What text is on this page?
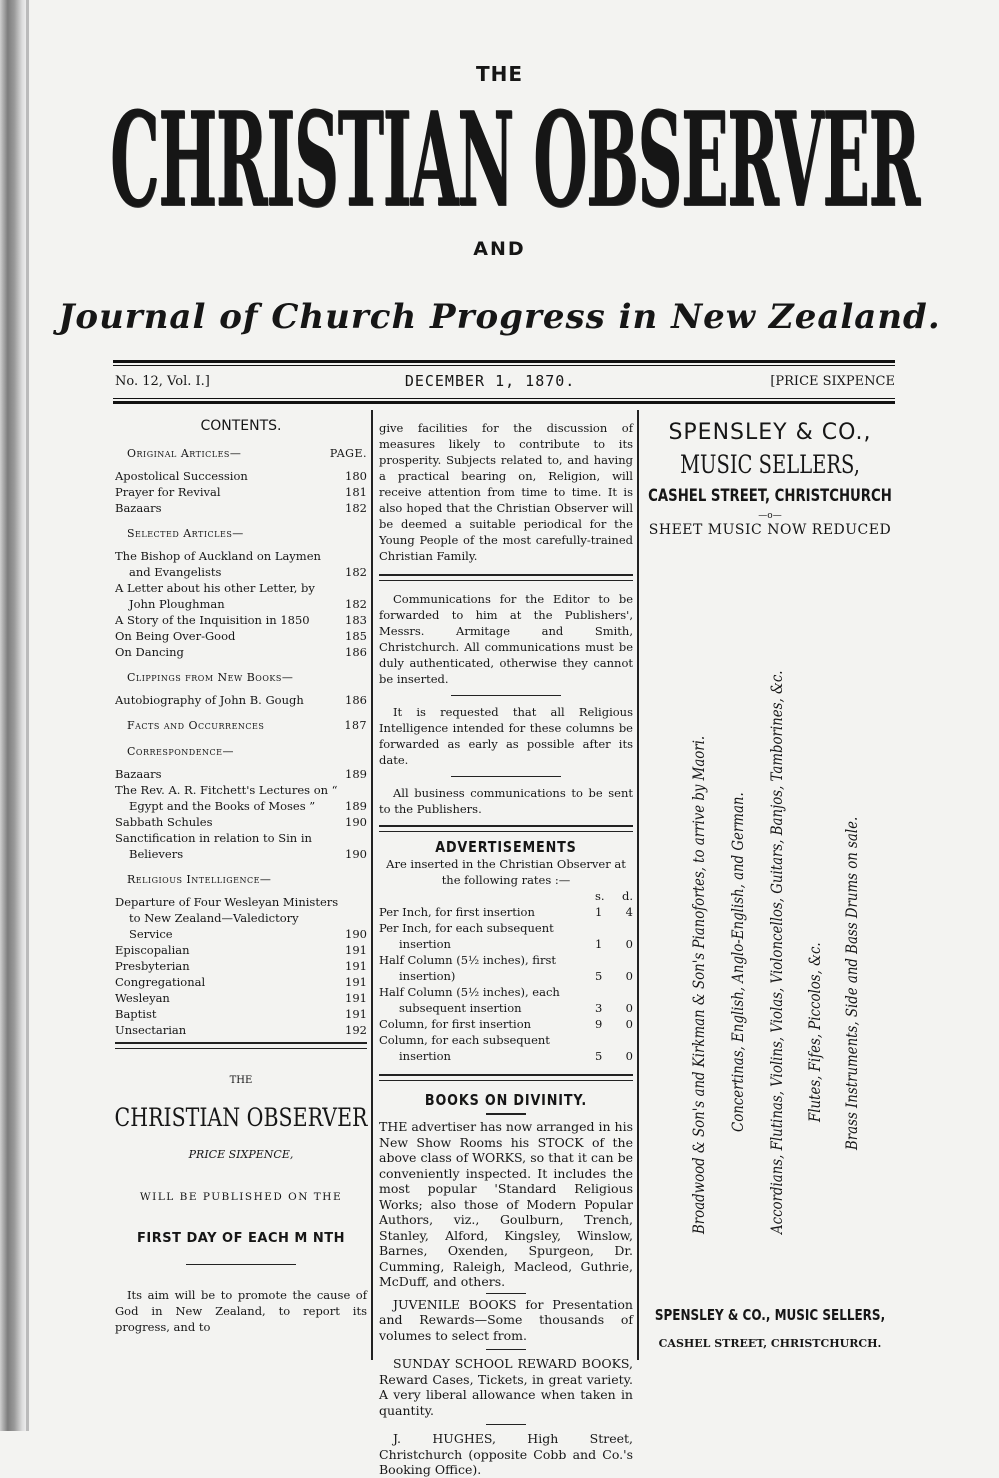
THE
CHRISTIAN OBSERVER
AND
Journal of Church Progress in New Zealand.
No. 12, Vol. I.]	DECEMBER 1, 1870.	[PRICE SIXPENCE
CONTENTS.
Original Articles—	PAGE.
Apostolical Succession	180
Prayer for Revival	181
Bazaars	182
Selected Articles—
The Bishop of Auckland on Laymen and Evangelists	182
A Letter about his other Letter, by John Ploughman	182
A Story of the Inquisition in 1850	183
On Being Over-Good	185
On Dancing	186
Clippings from New Books—
Autobiography of John B. Gough	186
Facts and Occurrences	187
Correspondence—
Bazaars	189
The Rev. A. R. Fitchett's Lectures on “ Egypt and the Books of Moses ”	189
Sabbath Schules	190
Sanctification in relation to Sin in Believers	190
Religious Intelligence—
Departure of Four Wesleyan Ministers to New Zealand—Valedictory Service	190
Episcopalian	191
Presbyterian	191
Congregational	191
Wesleyan	191
Baptist	191
Unsectarian	192
THE
CHRISTIAN OBSERVER
PRICE SIXPENCE,
WILL BE PUBLISHED ON THE
FIRST DAY OF EACH M NTH
Its aim will be to promote the cause of God in New Zealand, to report its progress, and to
give facilities for the discussion of measures likely to contribute to its prosperity. Subjects related to, and having a practical bearing on, Religion, will receive attention from time to time. It is also hoped that the Christian Observer will be deemed a suitable periodical for the Young People of the most carefully-trained Christian Family.
Communications for the Editor to be forwarded to him at the Publishers', Messrs. Armitage and Smith, Christchurch. All communications must be duly authenticated, otherwise they cannot be inserted.
It is requested that all Religious Intelligence intended for these columns be forwarded as early as possible after its date.
All business communications to be sent to the Publishers.
ADVERTISEMENTS
Are inserted in the Christian Observer at the following rates :—
s. d.
Per Inch, for first insertion	1 4
Per Inch, for each subsequent insertion	1 0
Half Column (5½ inches), first insertion)	5 0
Half Column (5½ inches), each subsequent insertion	3 0
Column, for first insertion	9 0
Column, for each subsequent insertion	5 0
BOOKS ON DIVINITY.
THE advertiser has now arranged in his New Show Rooms his STOCK of the above class of WORKS, so that it can be conveniently inspected. It includes the most popular 'Standard Religious Works; also those of Modern Popular Authors, viz., Goulburn, Trench, Stanley, Alford, Kingsley, Winslow, Barnes, Oxenden, Spurgeon, Dr. Cumming, Raleigh, Macleod, Guthrie, McDuff, and others.
JUVENILE BOOKS for Presentation and Rewards—Some thousands of volumes to select from.
SUNDAY SCHOOL REWARD BOOKS, Reward Cases, Tickets, in great variety. A very liberal allowance when taken in quantity.
J. HUGHES, High Street, Christchurch (opposite Cobb and Co.'s Booking Office).
SPENSLEY & CO.,
MUSIC SELLERS,
CASHEL STREET, CHRISTCHURCH
—o—
SHEET MUSIC NOW REDUCED
Broadwood & Son's and Kirkman & Son's Pianofortes, to arrive by Maori. Concertinas, English, Anglo-English, and German. Accordians, Flutinas, Violins, Violas, Violoncellos, Guitars, Banjos, Tamborines, &c. Flutes, Fifes, Piccolos, &c. Brass Instruments, Side and Bass Drums on sale.
SPENSLEY & CO., MUSIC SELLERS,
CASHEL STREET, CHRISTCHURCH.
